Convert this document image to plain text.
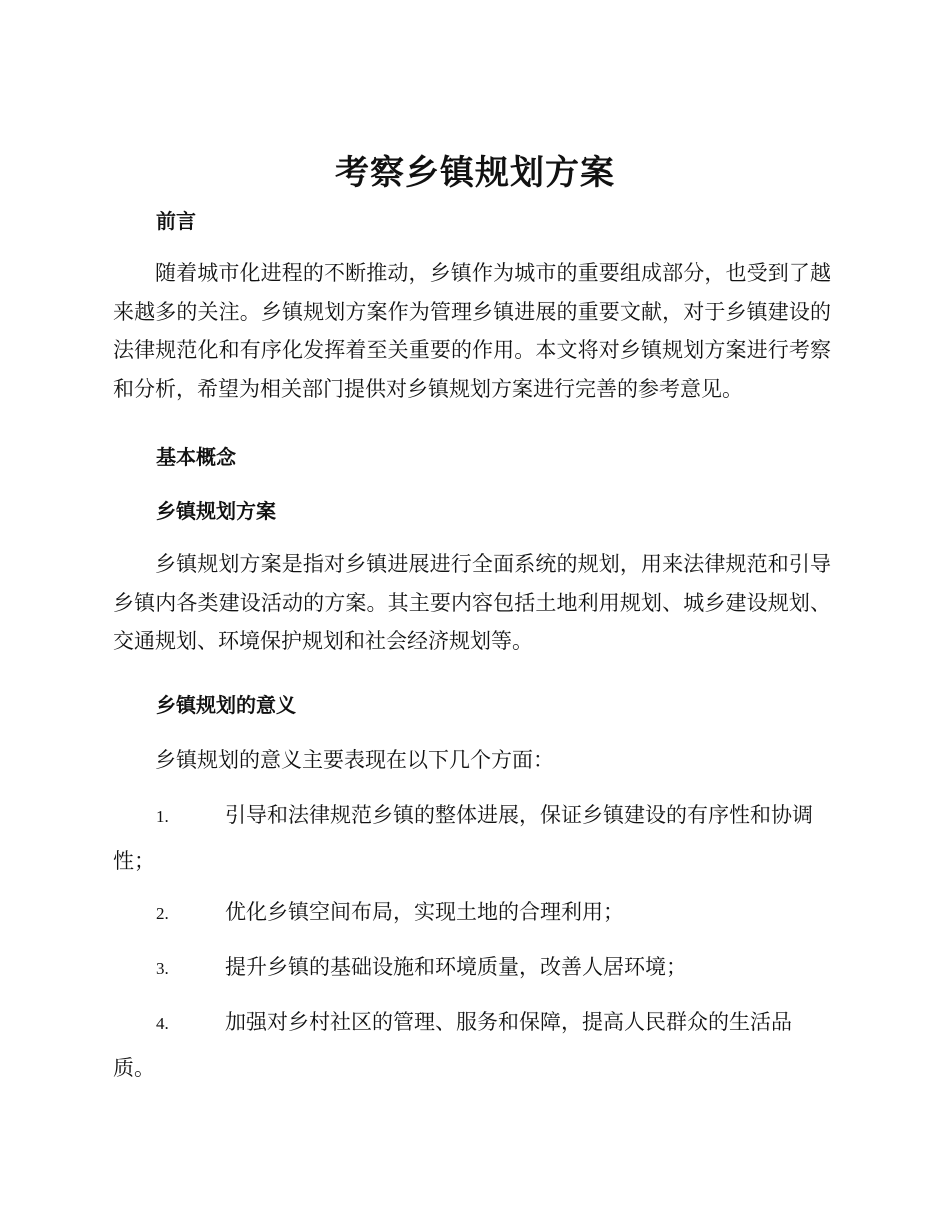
考察乡镇规划方案
前言

随着城市化进程的不断推动，乡镇作为城市的重要组成部分，也受到了越来越多的关注。乡镇规划方案作为管理乡镇进展的重要文献，对于乡镇建设的法律规范化和有序化发挥着至关重要的作用。本文将对乡镇规划方案进行考察和分析，希望为相关部门提供对乡镇规划方案进行完善的参考意见。

基本概念
乡镇规划方案

乡镇规划方案是指对乡镇进展进行全面系统的规划，用来法律规范和引导乡镇内各类建设活动的方案。其主要内容包括土地利用规划、城乡建设规划、交通规划、环境保护规划和社会经济规划等。

乡镇规划的意义

乡镇规划的意义主要表现在以下几个方面：

1.	引导和法律规范乡镇的整体进展，保证乡镇建设的有序性和协调性；

2.	优化乡镇空间布局，实现土地的合理利用；

3.	提升乡镇的基础设施和环境质量，改善人居环境；

4.	加强对乡村社区的管理、服务和保障，提高人民群众的生活品质。
